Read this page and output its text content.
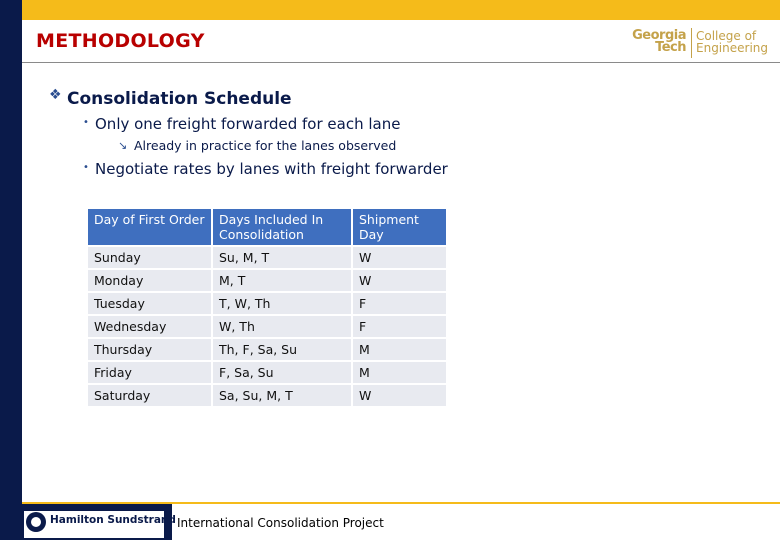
METHODOLOGY	Georgia
Tech
College of
Engineering
❖ Consolidation Schedule
• Only one freight forwarded for each lane
↘ Already in practice for the lanes observed
• Negotiate rates by lanes with freight forwarder
Day of First Order	Days Included In Consolidation	Shipment Day
Sunday	Su, M, T	W
Monday	M, T	W
Tuesday	T, W, Th	F
Wednesday	W, Th	F
Thursday	Th, F, Sa, Su	M
Friday	F, Sa, Su	M
Saturday	Sa, Su, M, T	W
Hamilton Sundstrand International Consolidation Project
